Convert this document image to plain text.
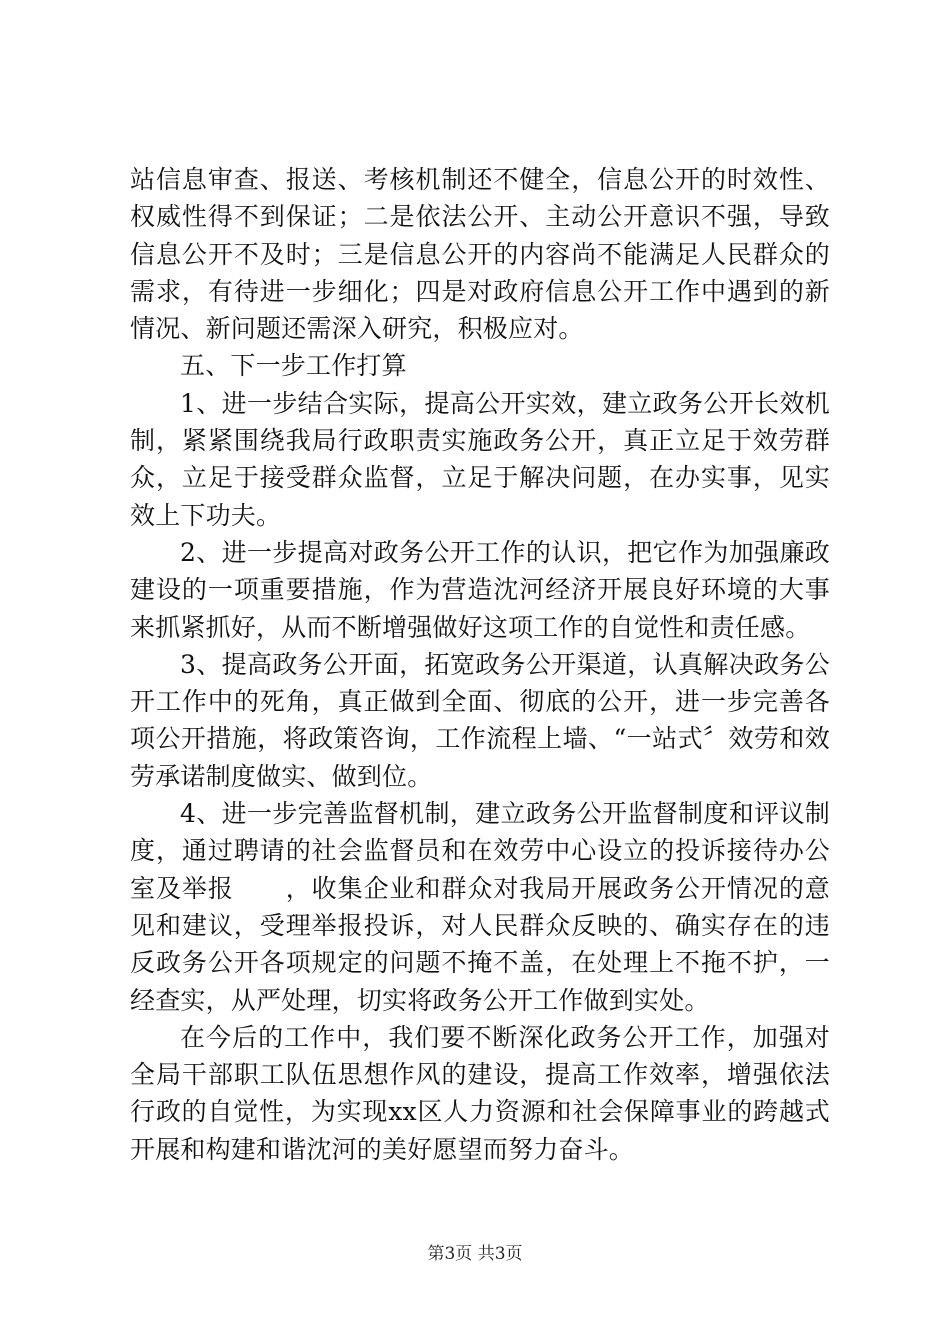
站信息审查、报送、考核机制还不健全，信息公开的时效性、权威性得不到保证；二是依法公开、主动公开意识不强，导致信息公开不及时；三是信息公开的内容尚不能满足人民群众的需求，有待进一步细化；四是对政府信息公开工作中遇到的新情况、新问题还需深入研究，积极应对。

五、下一步工作打算

1、进一步结合实际，提高公开实效，建立政务公开长效机制，紧紧围绕我局行政职责实施政务公开，真正立足于效劳群众，立足于接受群众监督，立足于解决问题，在办实事，见实效上下功夫。

2、进一步提高对政务公开工作的认识，把它作为加强廉政建设的一项重要措施，作为营造沈河经济开展良好环境的大事来抓紧抓好，从而不断增强做好这项工作的自觉性和责任感。

3、提高政务公开面，拓宽政务公开渠道，认真解决政务公开工作中的死角，真正做到全面、彻底的公开，进一步完善各项公开措施，将政策咨询，工作流程上墙、“一站式〞效劳和效劳承诺制度做实、做到位。

4、进一步完善监督机制，建立政务公开监督制度和评议制度，通过聘请的社会监督员和在效劳中心设立的投诉接待办公室及举报　　，收集企业和群众对我局开展政务公开情况的意见和建议，受理举报投诉，对人民群众反映的、确实存在的违反政务公开各项规定的问题不掩不盖，在处理上不拖不护，一经查实，从严处理，切实将政务公开工作做到实处。

在今后的工作中，我们要不断深化政务公开工作，加强对全局干部职工队伍思想作风的建设，提高工作效率，增强依法行政的自觉性，为实现xx区人力资源和社会保障事业的跨越式开展和构建和谐沈河的美好愿望而努力奋斗。

第3页 共3页
